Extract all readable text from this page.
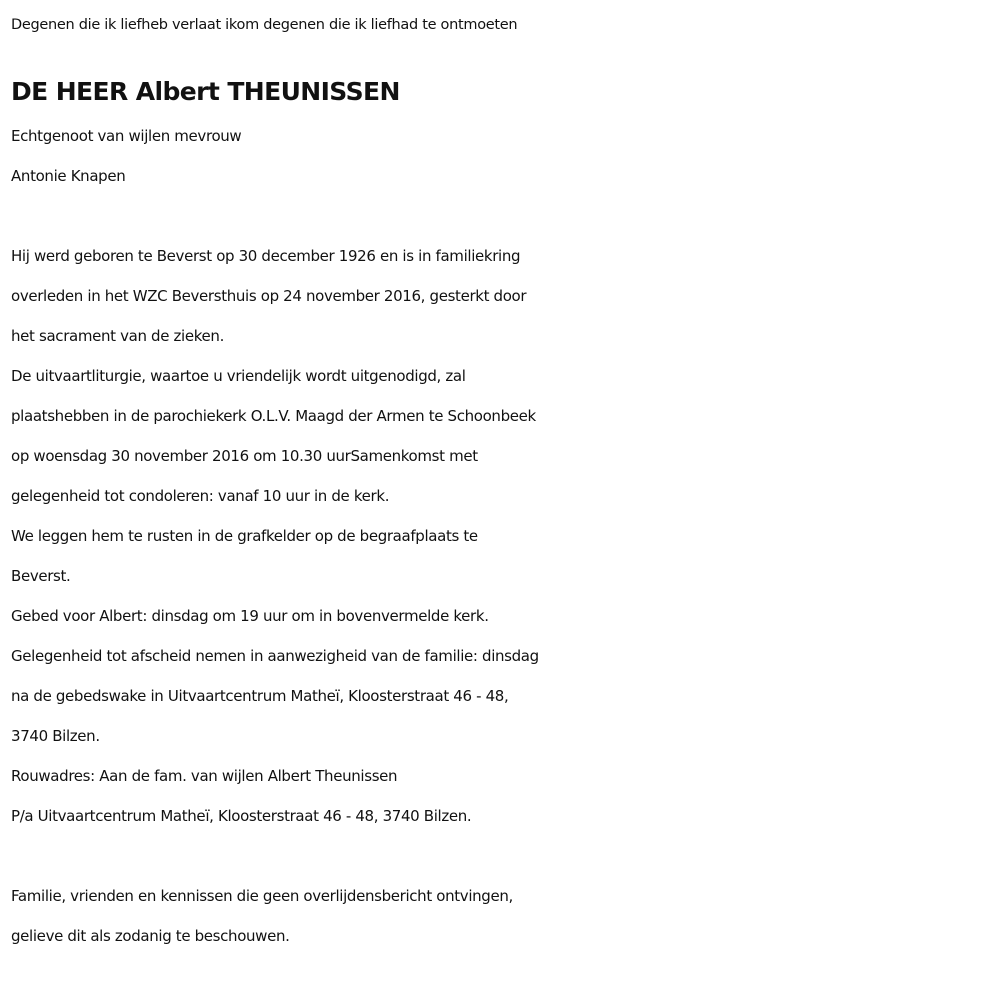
Degenen die ik liefheb verlaat ikom degenen die ik liefhad te ontmoeten
DE HEER Albert THEUNISSEN
Echtgenoot van wijlen mevrouw
Antonie Knapen
Hij werd geboren te Beverst op 30 december 1926 en is in familiekring
overleden in het WZC Beversthuis op 24 november 2016, gesterkt door
het sacrament van de zieken.
De uitvaartliturgie, waartoe u vriendelijk wordt uitgenodigd, zal
plaatshebben in de parochiekerk O.L.V. Maagd der Armen te Schoonbeek
op woensdag 30 november 2016 om 10.30 uurSamenkomst met
gelegenheid tot condoleren: vanaf 10 uur in de kerk.
We leggen hem te rusten in de grafkelder op de begraafplaats te
Beverst.
Gebed voor Albert: dinsdag om 19 uur om in bovenvermelde kerk.
Gelegenheid tot afscheid nemen in aanwezigheid van de familie: dinsdag
na de gebedswake in Uitvaartcentrum Matheï, Kloosterstraat 46 - 48,
3740 Bilzen.
Rouwadres: Aan de fam. van wijlen Albert Theunissen
P/a Uitvaartcentrum Matheï, Kloosterstraat 46 - 48, 3740 Bilzen.
Familie, vrienden en kennissen die geen overlijdensbericht ontvingen,
gelieve dit als zodanig te beschouwen.
